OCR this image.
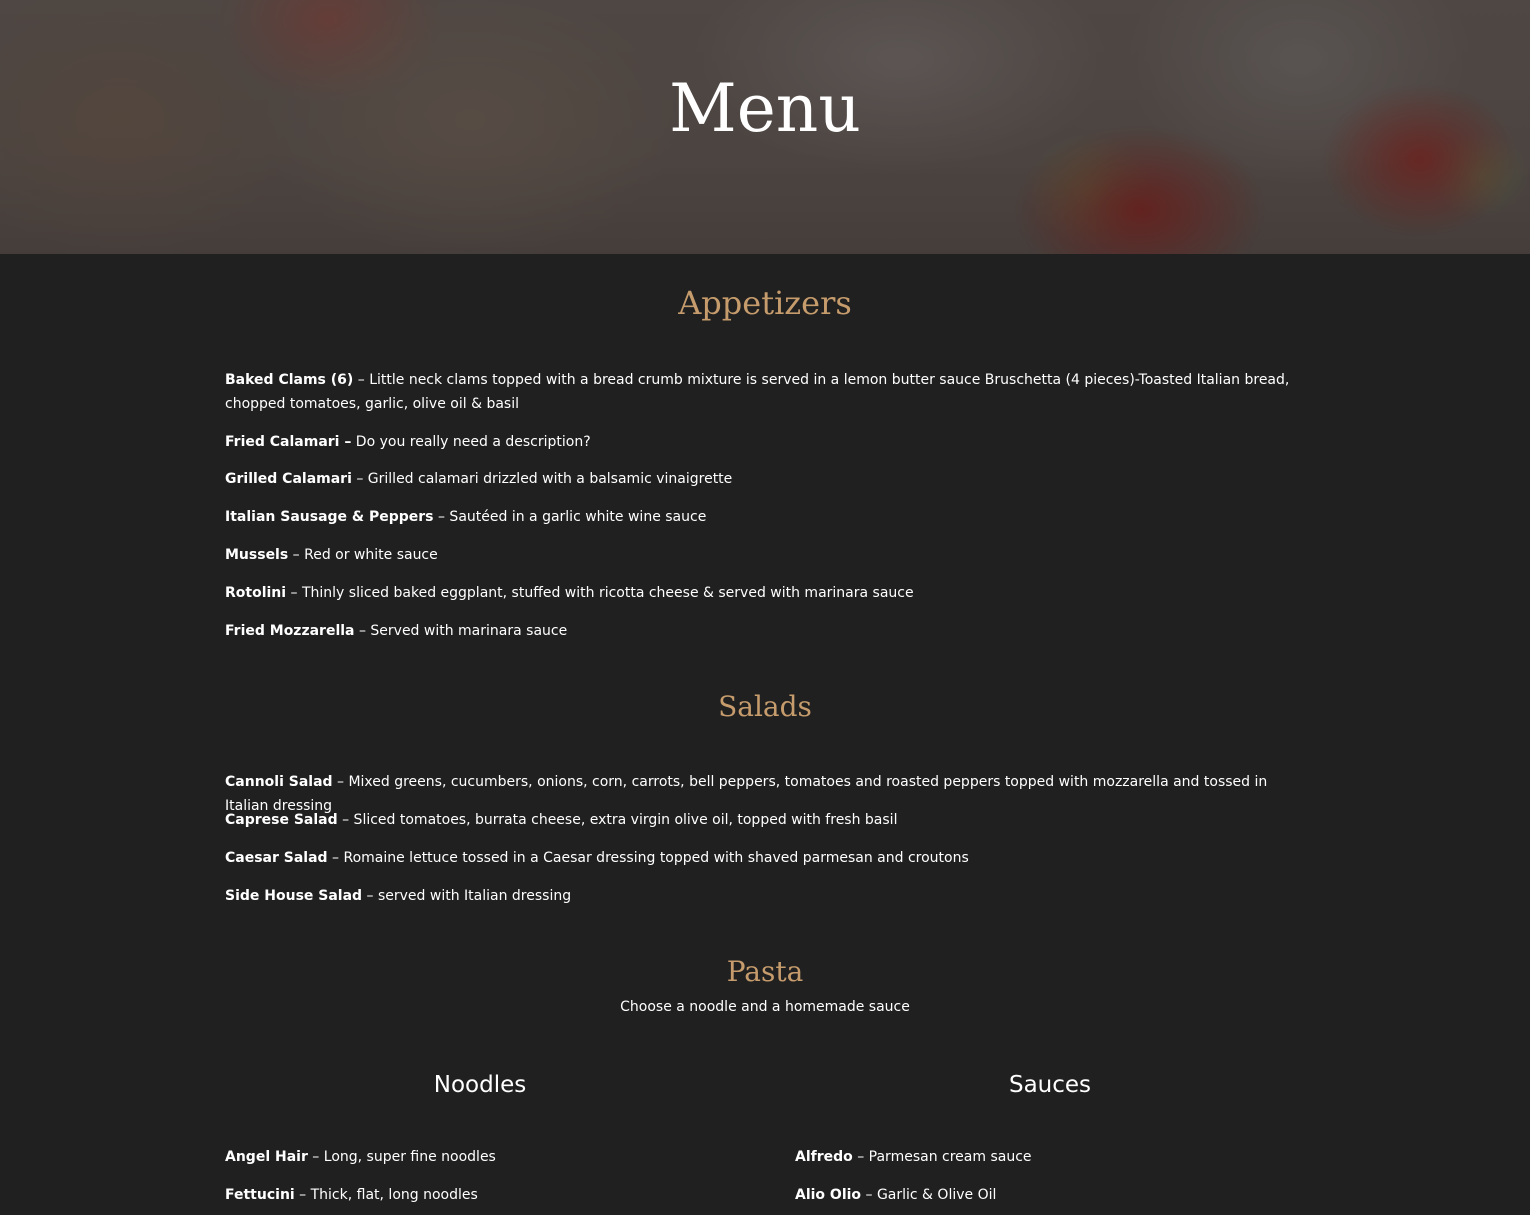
Menu
Appetizers

Baked Clams (6) – Little neck clams topped with a bread crumb mixture is served in a lemon butter sauce Bruschetta (4 pieces)-Toasted Italian bread, chopped tomatoes, garlic, olive oil & basil

Fried Calamari – Do you really need a description?

Grilled Calamari – Grilled calamari drizzled with a balsamic vinaigrette

Italian Sausage & Peppers – Sautéed in a garlic white wine sauce

Mussels – Red or white sauce

Rotolini – Thinly sliced baked eggplant, stuffed with ricotta cheese & served with marinara sauce

Fried Mozzarella – Served with marinara sauce

Salads

Cannoli Salad – Mixed greens, cucumbers, onions, corn, carrots, bell peppers, tomatoes and roasted peppers topped with mozzarella and tossed in Italian dressing

Caprese Salad – Sliced tomatoes, burrata cheese, extra virgin olive oil, topped with fresh basil

Caesar Salad – Romaine lettuce tossed in a Caesar dressing topped with shaved parmesan and croutons

Side House Salad – served with Italian dressing

Pasta

Choose a noodle and a homemade sauce

Noodles	Sauces

Angel Hair – Long, super fine noodles

Fettucini – Thick, flat, long noodles

Alfredo – Parmesan cream sauce

Alio Olio – Garlic & Olive Oil
